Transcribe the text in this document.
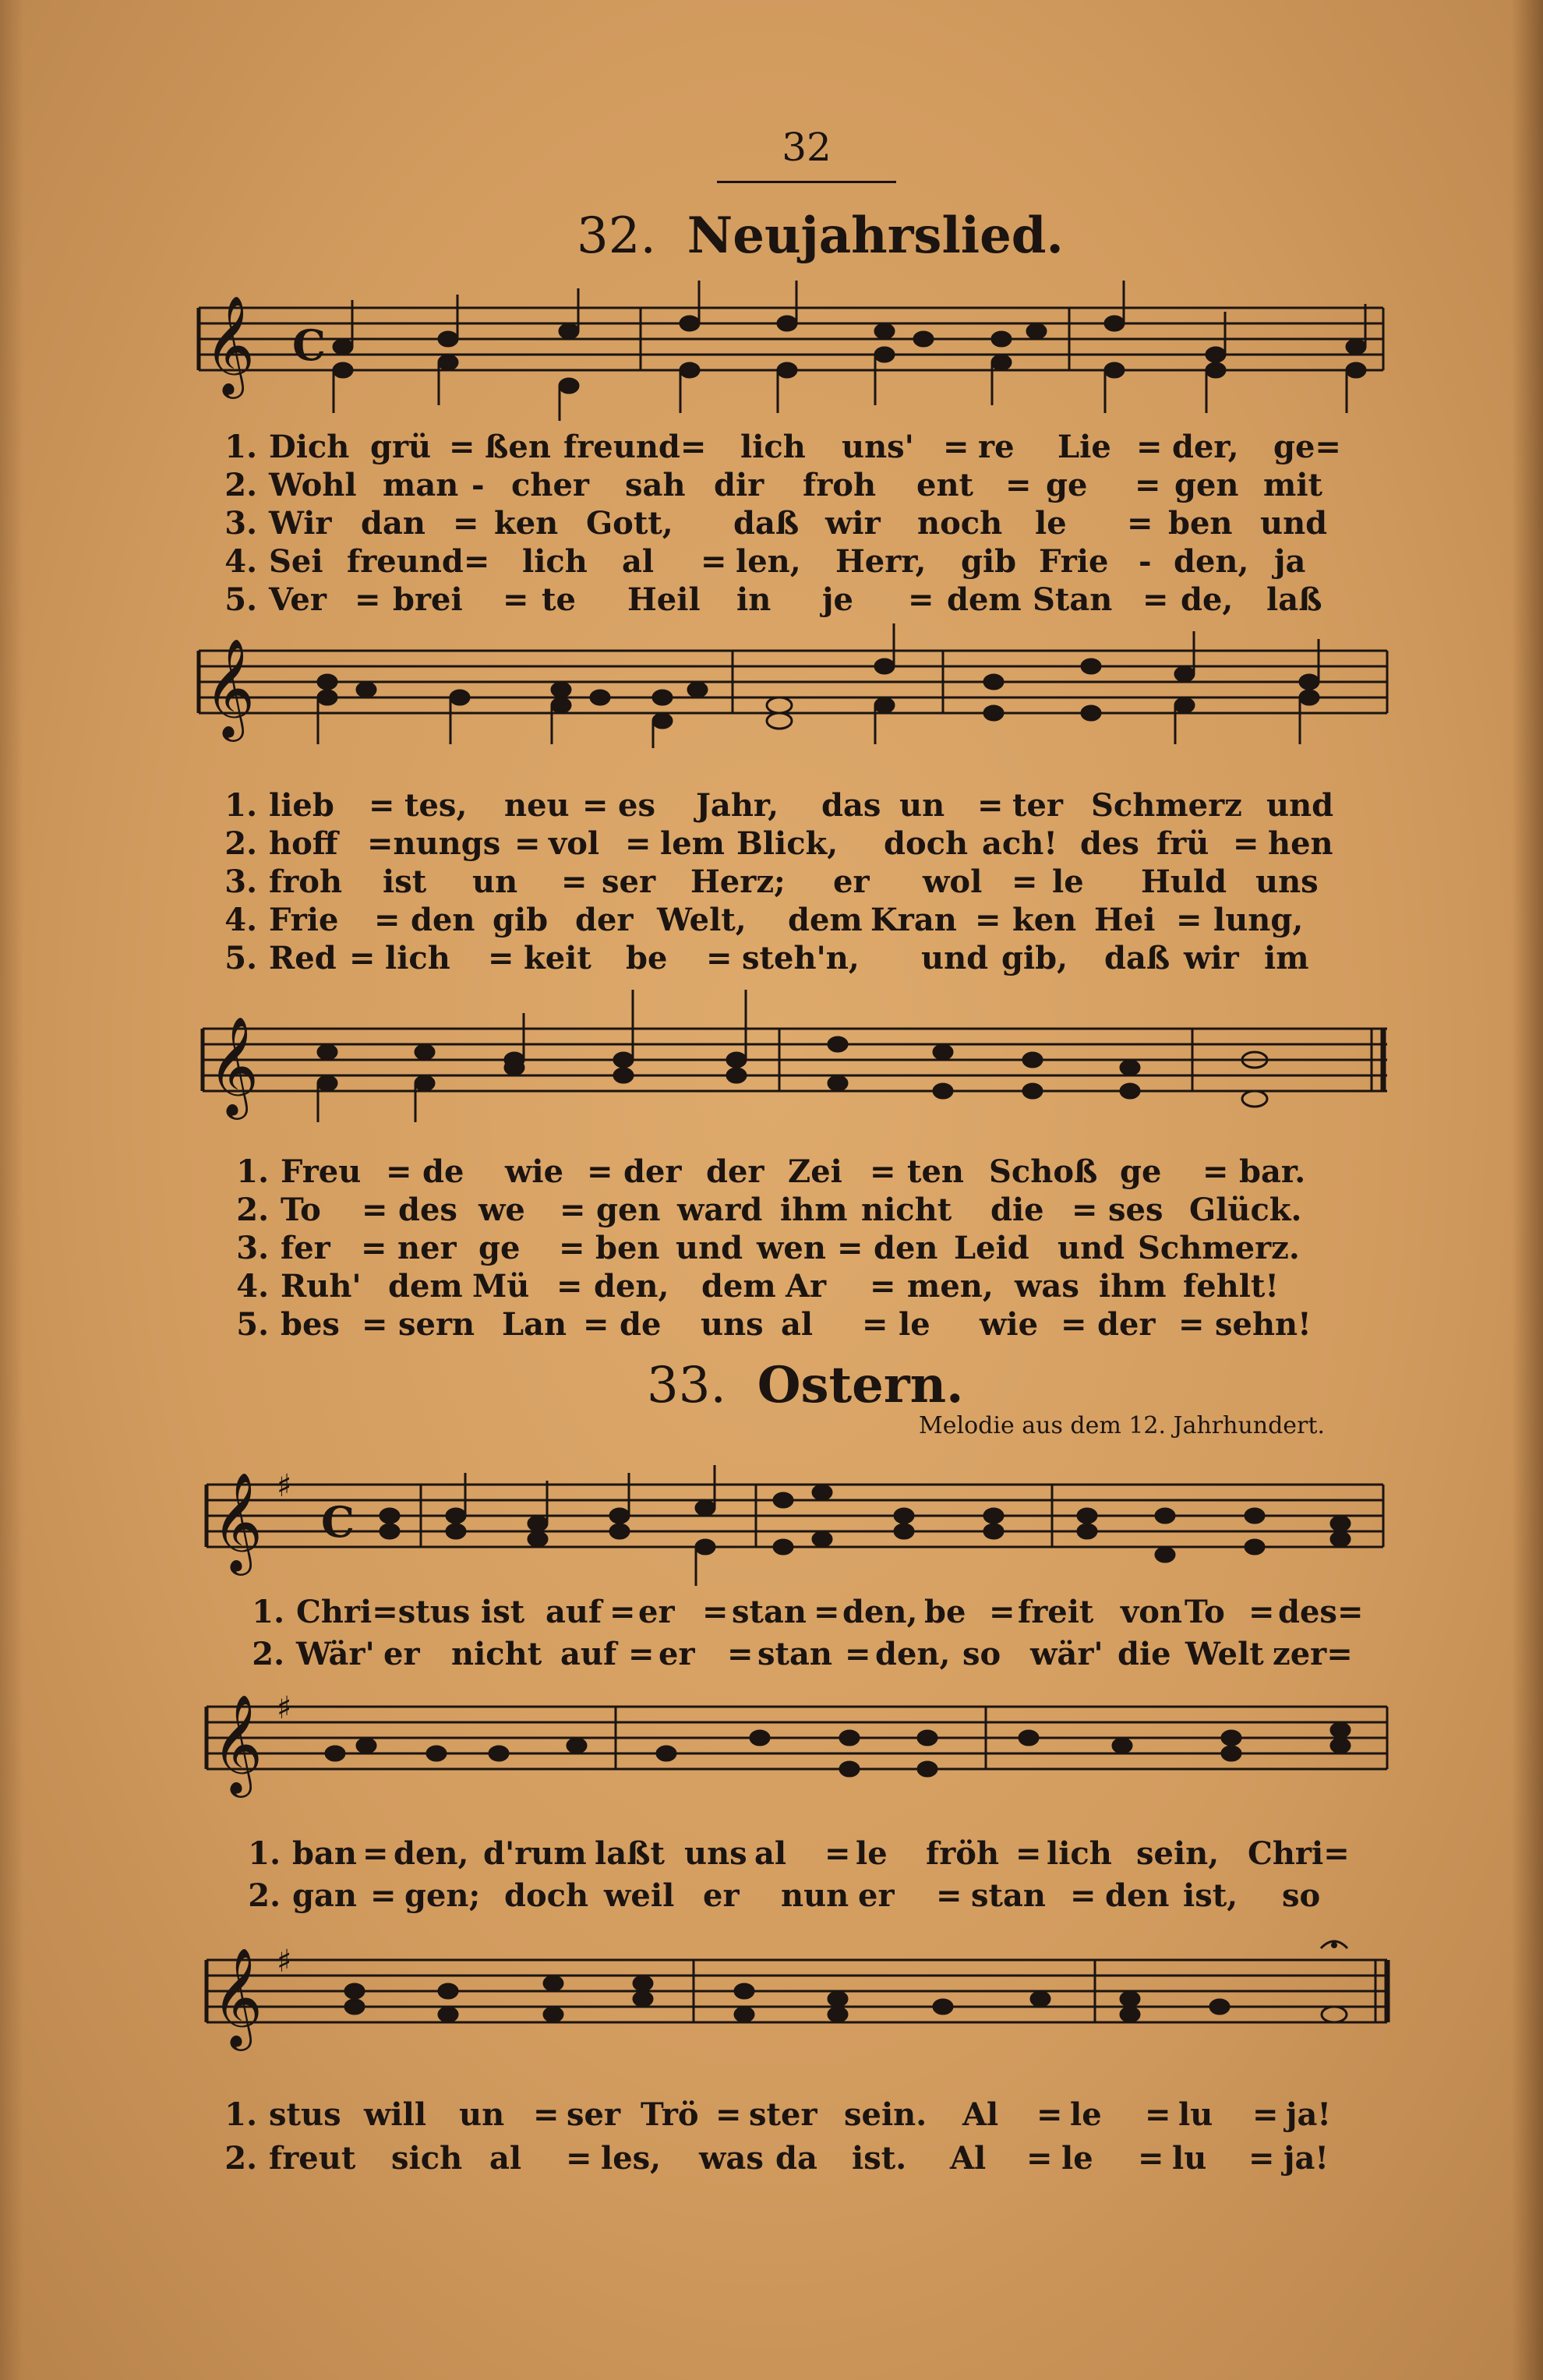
32
32. Neujahrslied.
𝄞 C
1. Dich grü = ßen freund= lich uns' = re Lie = der, ge=
2. Wohl man - cher sah dir froh ent = ge = gen mit
3. Wir dan = ken Gott, daß wir noch le = ben und
4. Sei freund= lich al = len, Herr, gib Frie - den, ja
5. Ver = brei = te Heil in je = dem Stan = de, laß
𝄞
1. lieb = tes, neu = es Jahr, das un = ter Schmerz und
2. hoff =nungs = vol = lem Blick, doch ach! des frü = hen
3. froh ist un = ser Herz; er wol = le Huld uns
4. Frie = den gib der Welt, dem Kran = ken Hei = lung,
5. Red = lich = keit be = steh'n, und gib, daß wir im
𝄞
1. Freu = de wie = der der Zei = ten Schoß ge = bar.
2. To = des we = gen ward ihm nicht die = ses Glück.
3. fer = ner ge = ben und wen = den Leid und Schmerz.
4. Ruh' dem Mü = den, dem Ar = men, was ihm fehlt!
5. bes = sern Lan = de uns al = le wie = der = sehn!
33. Ostern.
Melodie aus dem 12. Jahrhundert.
𝄞 ♯
C
1. Chri=stus ist auf = er = stan = den, be = freit von To = des=
2. Wär' er nicht auf = er = stan = den, so wär' die Welt zer=
𝄞 ♯
1. ban = den, d'rum laßt uns al = le fröh = lich sein, Chri=
2. gan = gen; doch weil er nun er = stan = den ist, so
𝄞 ♯
1. stus will un = ser Trö = ster sein. Al = le = lu = ja!
2. freut sich al = les, was da ist. Al = le = lu = ja!
